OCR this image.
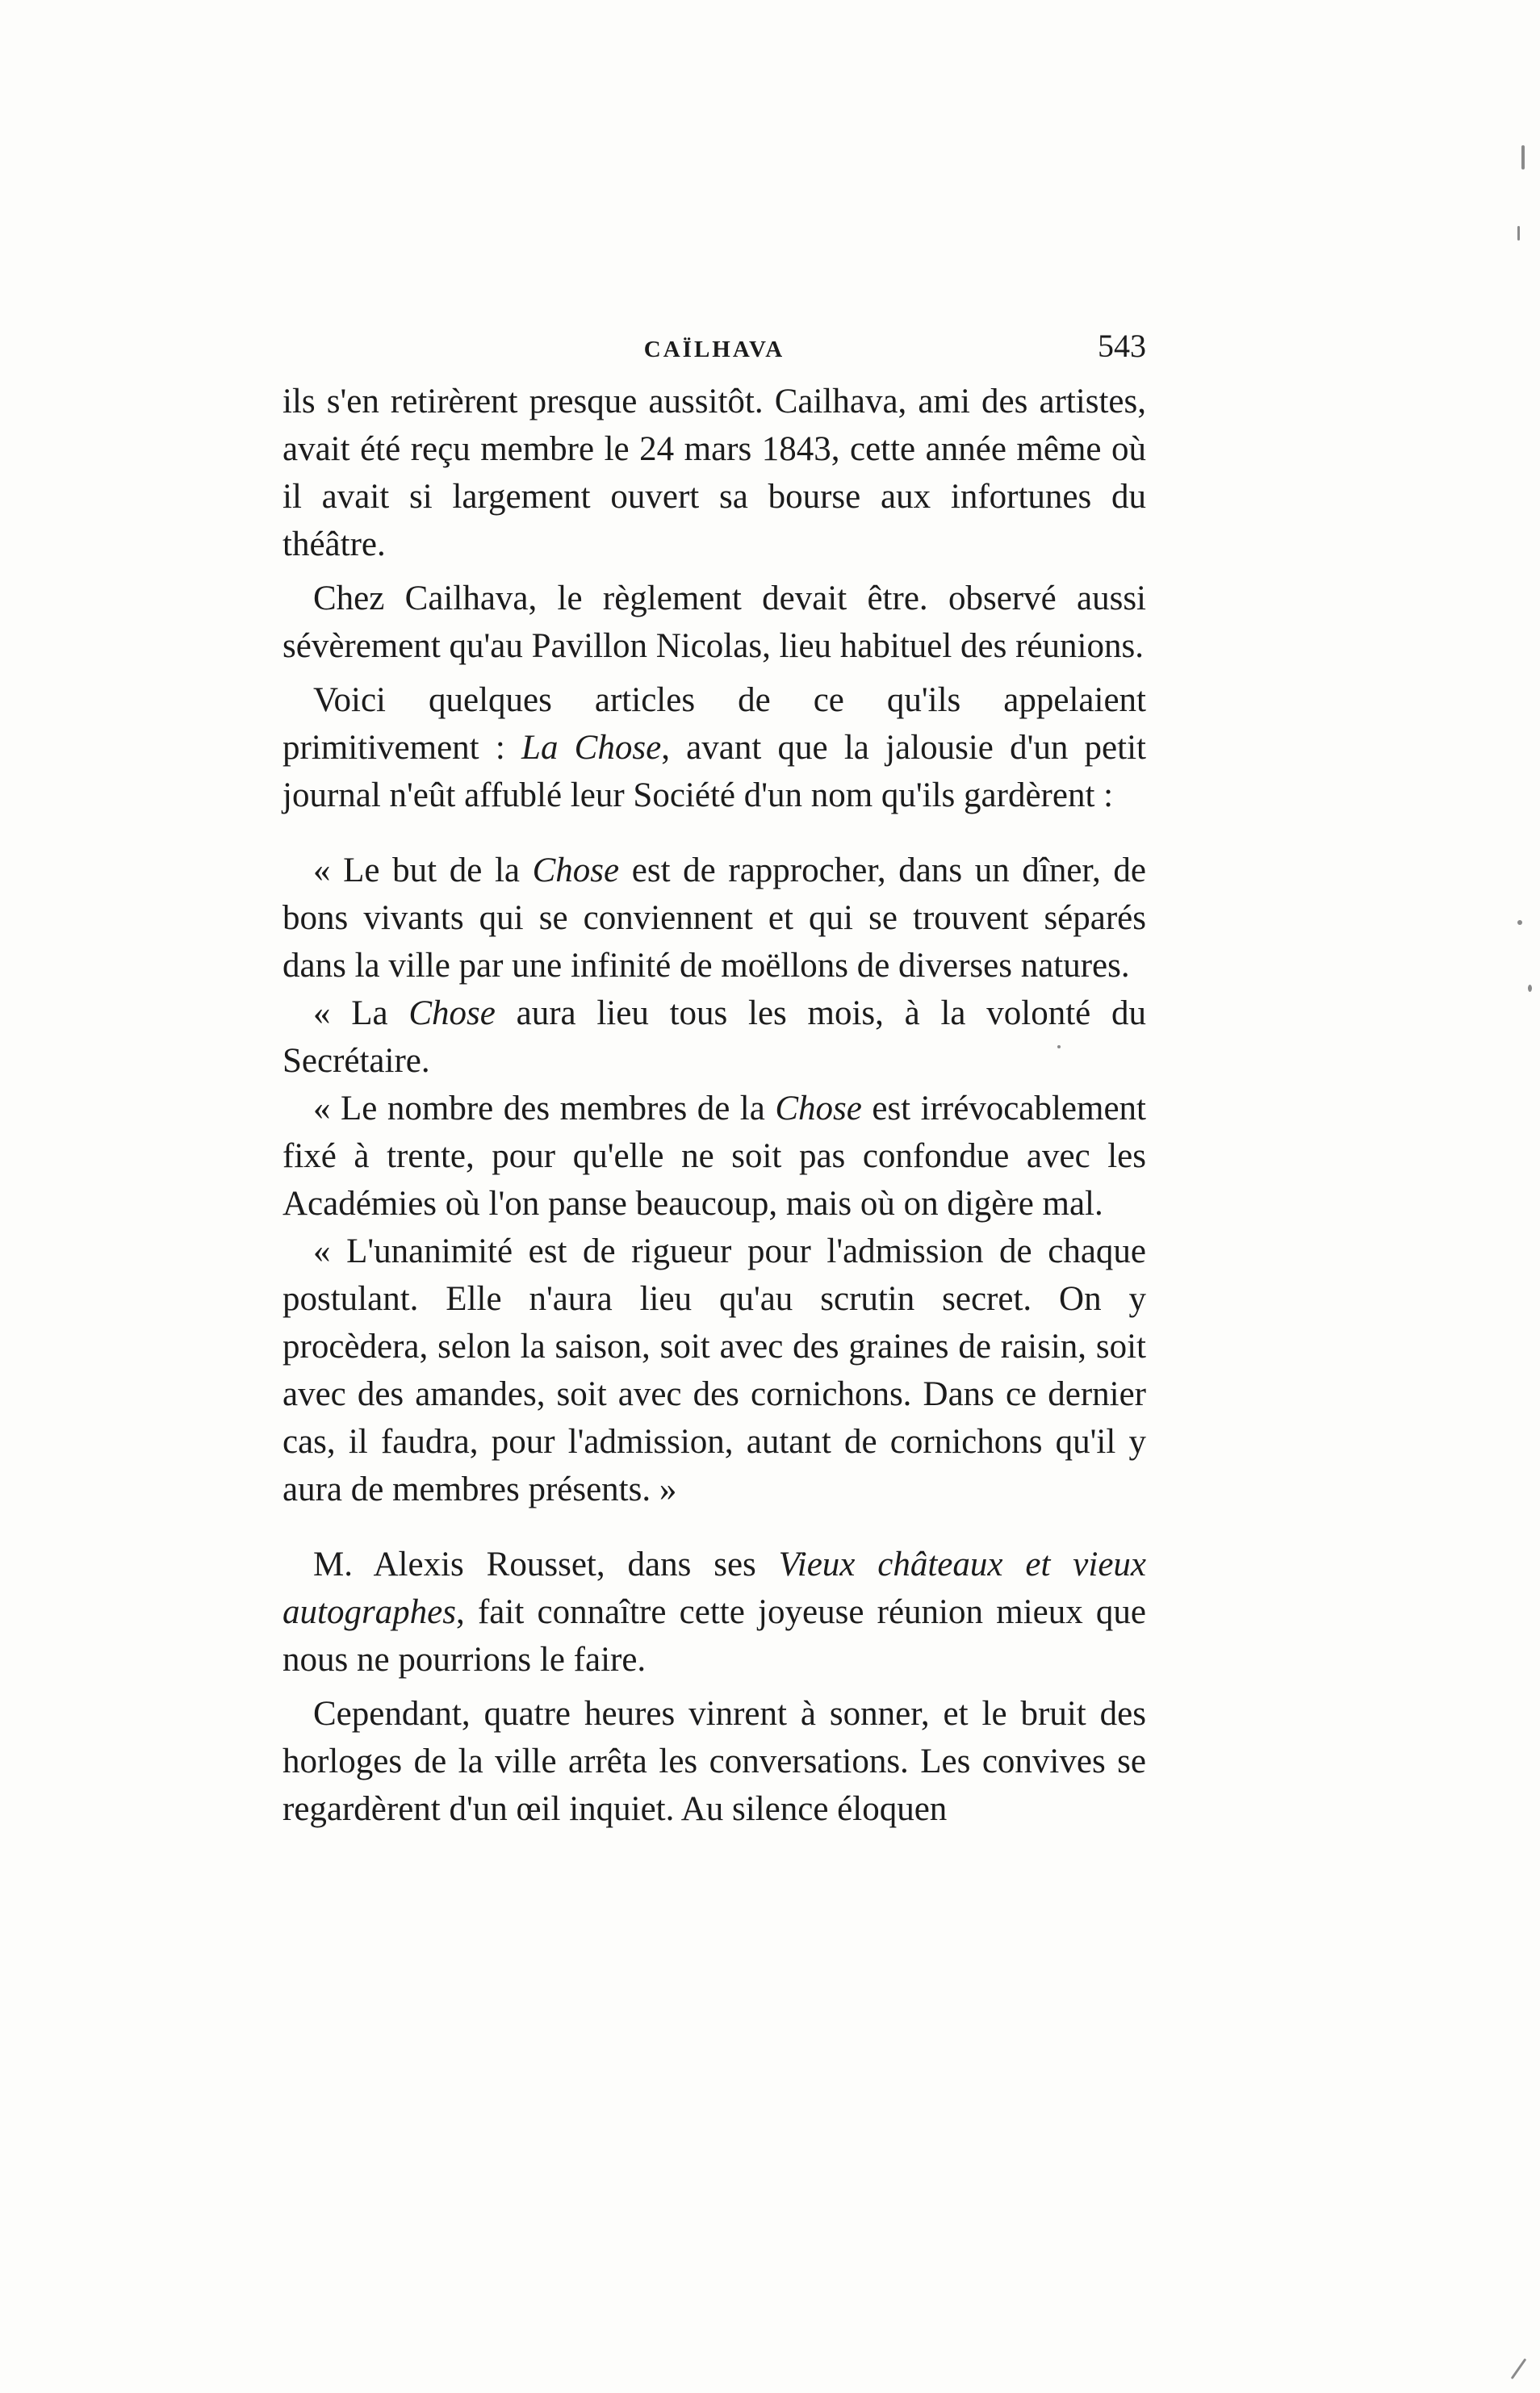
CAÏLHAVA	543

ils s'en retirèrent presque aussitôt. Cailhava, ami des artistes, avait été reçu membre le 24 mars 1843, cette année même où il avait si largement ouvert sa bourse aux infortunes du théâtre.

Chez Cailhava, le règlement devait être. observé aussi sévèrement qu'au Pavillon Nicolas, lieu habituel des réunions.

Voici quelques articles de ce qu'ils appelaient primitivement : La Chose, avant que la jalousie d'un petit journal n'eût affublé leur Société d'un nom qu'ils gardèrent :

« Le but de la Chose est de rapprocher, dans un dîner, de bons vivants qui se conviennent et qui se trouvent séparés dans la ville par une infinité de moëllons de diverses natures.

« La Chose aura lieu tous les mois, à la volonté du Secrétaire.

« Le nombre des membres de la Chose est irrévocablement fixé à trente, pour qu'elle ne soit pas confondue avec les Académies où l'on panse beaucoup, mais où on digère mal.

« L'unanimité est de rigueur pour l'admission de chaque postulant. Elle n'aura lieu qu'au scrutin secret. On y procèdera, selon la saison, soit avec des graines de raisin, soit avec des amandes, soit avec des cornichons. Dans ce dernier cas, il faudra, pour l'admission, autant de cornichons qu'il y aura de membres présents. »

M. Alexis Rousset, dans ses Vieux châteaux et vieux autographes, fait connaître cette joyeuse réunion mieux que nous ne pourrions le faire.

Cependant, quatre heures vinrent à sonner, et le bruit des horloges de la ville arrêta les conversations. Les convives se regardèrent d'un œil inquiet. Au silence éloquen
